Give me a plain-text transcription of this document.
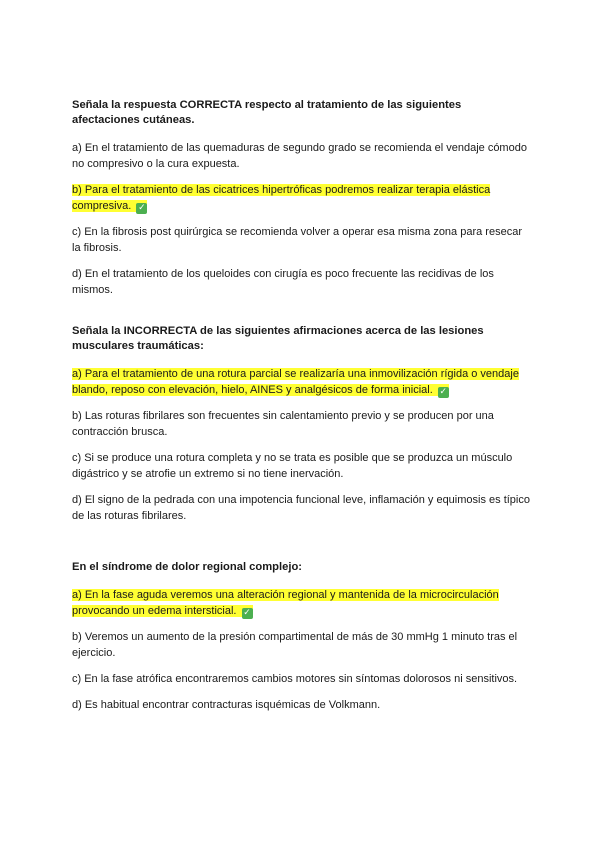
Señala la respuesta CORRECTA respecto al tratamiento de las siguientes afectaciones cutáneas.

a) En el tratamiento de las quemaduras de segundo grado se recomienda el vendaje cómodo no compresivo o la cura expuesta.

b) Para el tratamiento de las cicatrices hipertróficas podremos realizar terapia elástica compresiva. ✓

c) En la fibrosis post quirúrgica se recomienda volver a operar esa misma zona para resecar la fibrosis.

d) En el tratamiento de los queloides con cirugía es poco frecuente las recidivas de los mismos.

Señala la INCORRECTA de las siguientes afirmaciones acerca de las lesiones musculares traumáticas:

a) Para el tratamiento de una rotura parcial se realizaría una inmovilización rígida o vendaje blando, reposo con elevación, hielo, AINES y analgésicos de forma inicial. ✓

b) Las roturas fibrilares son frecuentes sin calentamiento previo y se producen por una contracción brusca.

c) Si se produce una rotura completa y no se trata es posible que se produzca un músculo digástrico y se atrofie un extremo si no tiene inervación.

d) El signo de la pedrada con una impotencia funcional leve, inflamación y equimosis es típico de las roturas fibrilares.

En el síndrome de dolor regional complejo:

a) En la fase aguda veremos una alteración regional y mantenida de la microcirculación provocando un edema intersticial. ✓

b) Veremos un aumento de la presión compartimental de más de 30 mmHg 1 minuto tras el ejercicio.

c) En la fase atrófica encontraremos cambios motores sin síntomas dolorosos ni sensitivos.

d) Es habitual encontrar contracturas isquémicas de Volkmann.
